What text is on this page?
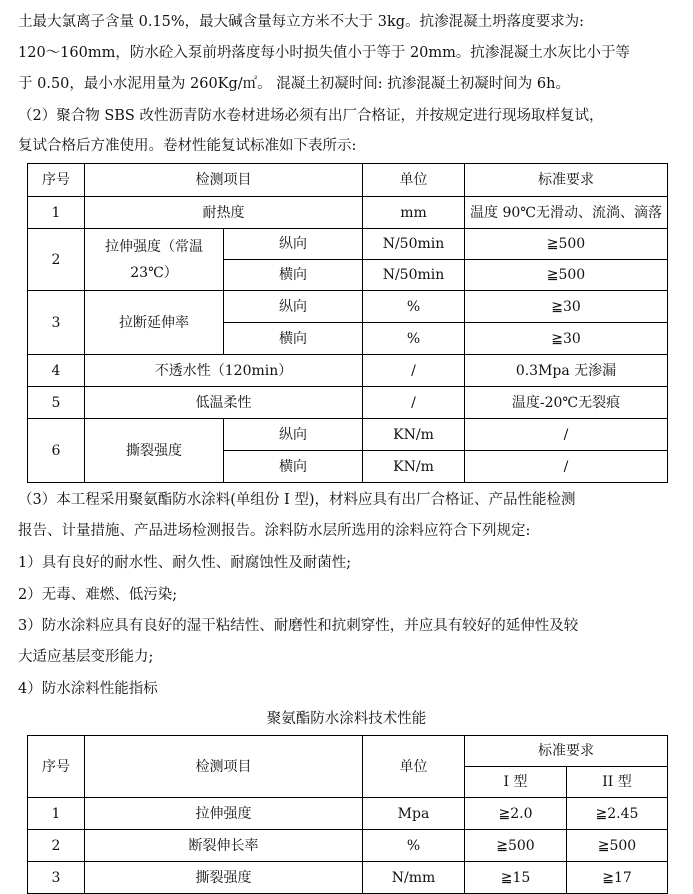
土最大氯离子含量 0.15%，最大碱含量每立方米不大于 3kg。抗渗混凝土坍落度要求为:
120～160mm，防水砼入泵前坍落度每小时损失值小于等于 20mm。抗渗混凝土水灰比小于等
于 0.50，最小水泥用量为 260Kg/㎡。 混凝土初凝时间: 抗渗混凝土初凝时间为 6h。
（2）聚合物 SBS 改性沥青防水卷材进场必须有出厂合格证，并按规定进行现场取样复试，
复试合格后方准使用。卷材性能复试标准如下表所示:
序号	检测项目		单位	标准要求
1	耐热度		mm	温度 90℃无滑动、流淌、滴落
2	拉伸强度（常温 23℃）	纵向	N/50min	≧500
		横向	N/50min	≧500
3	拉断延伸率	纵向	%	≧30
		横向	%	≧30
4	不透水性（120min）		/	0.3Mpa 无渗漏
5	低温柔性		/	温度-20℃无裂痕
6	撕裂强度	纵向	KN/m	/
		横向	KN/m	/
（3）本工程采用聚氨酯防水涂料(单组份 I 型)，材料应具有出厂合格证、产品性能检测
报告、计量措施、产品进场检测报告。涂料防水层所选用的涂料应符合下列规定:
1）具有良好的耐水性、耐久性、耐腐蚀性及耐菌性;
2）无毒、难燃、低污染;
3）防水涂料应具有良好的湿干粘结性、耐磨性和抗刺穿性，并应具有较好的延伸性及较
大适应基层变形能力;
4）防水涂料性能指标
聚氨酯防水涂料技术性能
序号	检测项目	单位	标准要求	
			I 型	II 型
1	拉伸强度	Mpa	≧2.0	≧2.45
2	断裂伸长率	%	≧500	≧500
3	撕裂强度	N/mm	≧15	≧17
